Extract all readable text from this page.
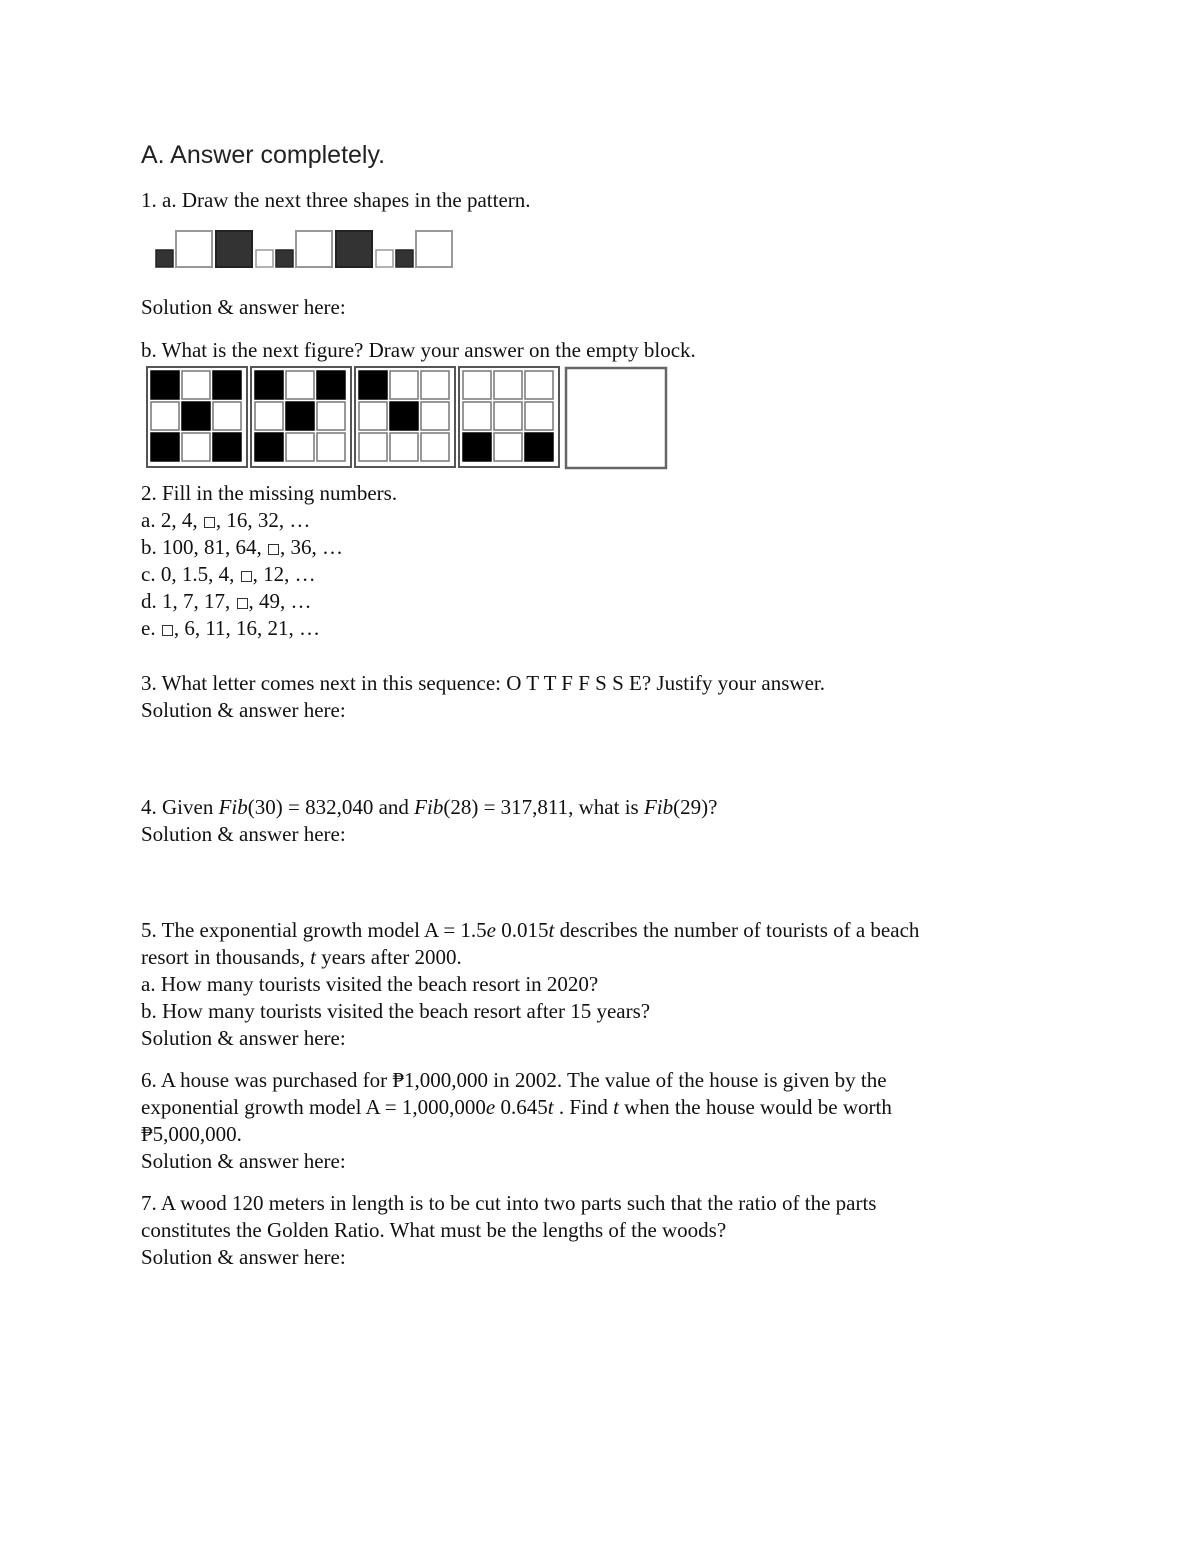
A. Answer completely.
1. a. Draw the next three shapes in the pattern.
Solution & answer here:
b. What is the next figure? Draw your answer on the empty block.
2. Fill in the missing numbers.
a. 2, 4, , 16, 32, …
b. 100, 81, 64, , 36, …
c. 0, 1.5, 4, , 12, …
d. 1, 7, 17, , 49, …
e. , 6, 11, 16, 21, …
3. What letter comes next in this sequence: O T T F F S S E? Justify your answer.
Solution & answer here:
4. Given Fib(30) = 832,040 and Fib(28) = 317,811, what is Fib(29)?
Solution & answer here:
5. The exponential growth model A = 1.5e 0.015t describes the number of tourists of a beach
resort in thousands, t years after 2000.
a. How many tourists visited the beach resort in 2020?
b. How many tourists visited the beach resort after 15 years?
Solution & answer here:
6. A house was purchased for ₱1,000,000 in 2002. The value of the house is given by the
exponential growth model A = 1,000,000e 0.645t . Find t when the house would be worth
₱5,000,000.
Solution & answer here:
7. A wood 120 meters in length is to be cut into two parts such that the ratio of the parts
constitutes the Golden Ratio. What must be the lengths of the woods?
Solution & answer here:
